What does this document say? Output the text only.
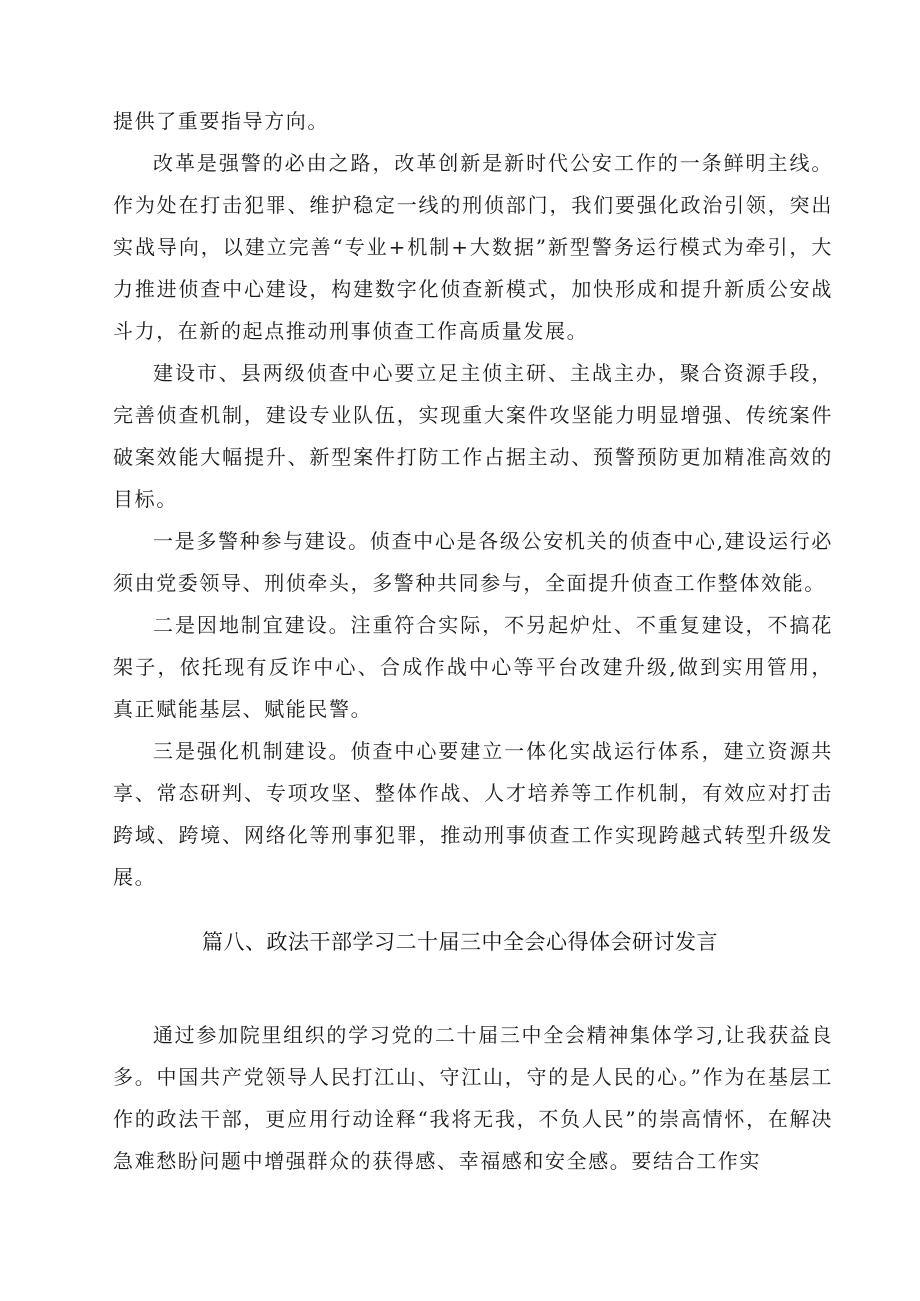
提供了重要指导方向。

改革是强警的必由之路，改革创新是新时代公安工作的一条鲜明主线。作为处在打击犯罪、维护稳定一线的刑侦部门，我们要强化政治引领，突出实战导向，以建立完善“专业+机制+大数据”新型警务运行模式为牵引，大力推进侦查中心建设，构建数字化侦查新模式，加快形成和提升新质公安战斗力，在新的起点推动刑事侦查工作高质量发展。

建设市、县两级侦查中心要立足主侦主研、主战主办，聚合资源手段，完善侦查机制，建设专业队伍，实现重大案件攻坚能力明显增强、传统案件破案效能大幅提升、新型案件打防工作占据主动、预警预防更加精准高效的目标。

一是多警种参与建设。侦查中心是各级公安机关的侦查中心,建设运行必须由党委领导、刑侦牵头，多警种共同参与，全面提升侦查工作整体效能。

二是因地制宜建设。注重符合实际，不另起炉灶、不重复建设，不搞花架子，依托现有反诈中心、合成作战中心等平台改建升级,做到实用管用，真正赋能基层、赋能民警。

三是强化机制建设。侦查中心要建立一体化实战运行体系，建立资源共享、常态研判、专项攻坚、整体作战、人才培养等工作机制，有效应对打击跨域、跨境、网络化等刑事犯罪，推动刑事侦查工作实现跨越式转型升级发展。

篇八、政法干部学习二十届三中全会心得体会研讨发言

通过参加院里组织的学习党的二十届三中全会精神集体学习,让我获益良多。中国共产党领导人民打江山、守江山，守的是人民的心。”作为在基层工作的政法干部，更应用行动诠释“我将无我，不负人民”的崇高情怀，在解决急难愁盼问题中增强群众的获得感、幸福感和安全感。要结合工作实
